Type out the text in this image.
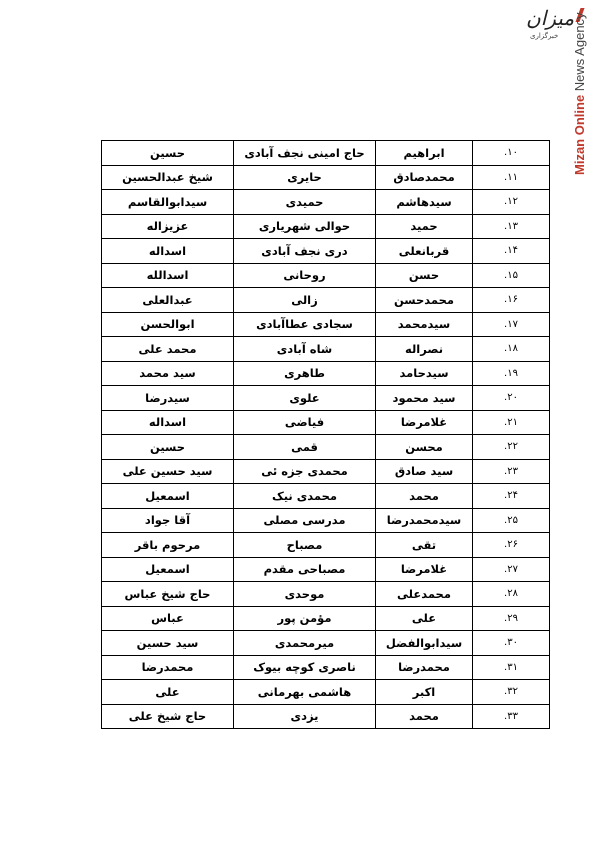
میزان
خبرگزاری
Mizan Online News Agency
۱۰.	ابراهیم	حاج امینی نجف آبادی	حسین
۱۱.	محمدصادق	حایری	شیخ عبدالحسین
۱۲.	سیدهاشم	حمیدی	سیدابوالقاسم
۱۳.	حمید	حوالی شهریاری	عزیزاله
۱۴.	قربانعلی	دری نجف آبادی	اسداله
۱۵.	حسن	روحانی	اسدالله
۱۶.	محمدحسن	زالی	عبدالعلی
۱۷.	سیدمحمد	سجادی عطاآبادی	ابوالحسن
۱۸.	نصراله	شاه آبادی	محمد علی
۱۹.	سیدحامد	طاهری	سید محمد
۲۰.	سید محمود	علوی	سیدرضا
۲۱.	غلامرضا	فیاضی	اسداله
۲۲.	محسن	قمی	حسین
۲۳.	سید صادق	محمدی جزه ئی	سید حسین علی
۲۴.	محمد	محمدی نیک	اسمعیل
۲۵.	سیدمحمدرضا	مدرسی مصلی	آقا جواد
۲۶.	تقی	مصباح	مرحوم باقر
۲۷.	غلامرضا	مصباحی مقدم	اسمعیل
۲۸.	محمدعلی	موحدی	حاج شیخ عباس
۲۹.	علی	مؤمن پور	عباس
۳۰.	سیدابوالفضل	میرمحمدی	سید حسین
۳۱.	محمدرضا	ناصری کوچه بیوک	محمدرضا
۳۲.	اکبر	هاشمی بهرمانی	علی
۳۳.	محمد	یزدی	حاج شیخ علی
